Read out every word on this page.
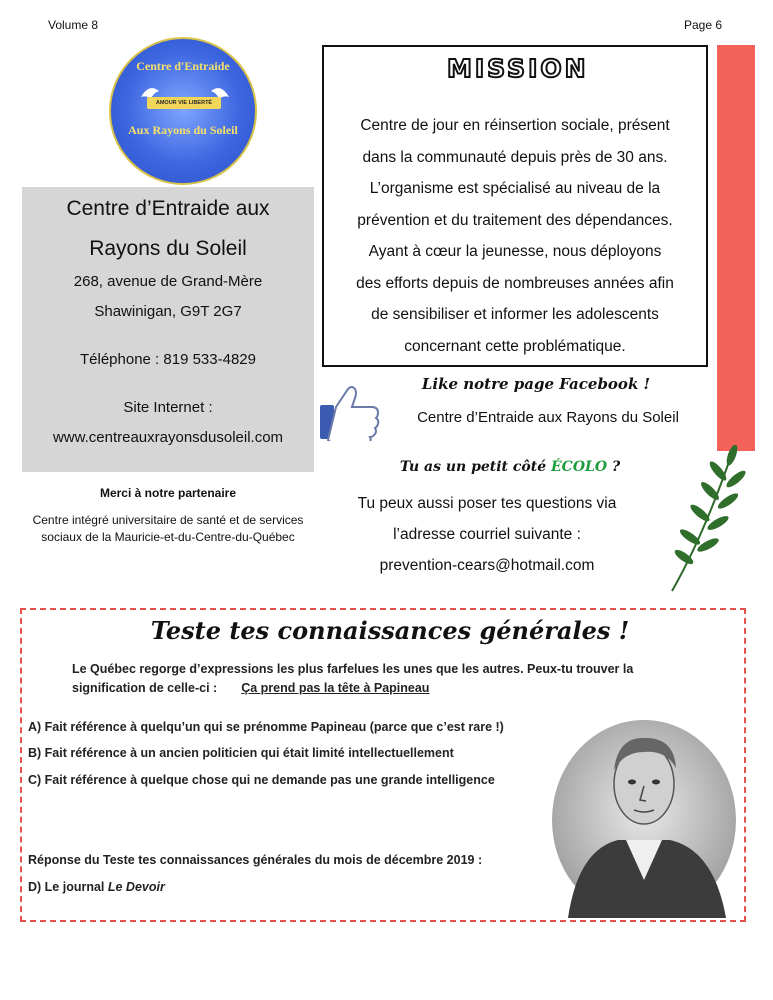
Volume 8	Page 6
Centre d'Entraide
AMOUR VIE LIBERTÉ
Aux Rayons du Soleil
Centre d’Entraide aux
Rayons du Soleil
268, avenue de Grand-Mère
Shawinigan, G9T 2G7
Téléphone : 819 533-4829
Site Internet :
www.centreauxrayonsdusoleil.com
Merci à notre partenaire
Centre intégré universitaire de santé et de services sociaux de la Mauricie-et-du-Centre-du-Québec
MISSION
Centre de jour en réinsertion sociale, présent
dans la communauté depuis près de 30 ans.
L’organisme est spécialisé au niveau de la
prévention et du traitement des dépendances.
Ayant à cœur la jeunesse, nous déployons
des efforts depuis de nombreuses années afin
de sensibiliser et informer les adolescents
concernant cette problématique.
Like notre page Facebook !
Centre d’Entraide aux Rayons du Soleil
Tu as un petit côté ÉCOLO ?
Tu peux aussi poser tes questions via
l’adresse courriel suivante :
prevention-cears@hotmail.com
Teste tes connaissances générales !
Le Québec regorge d’expressions les plus farfelues les unes que les autres. Peux-tu trouver la
signification de celle-ci : Ça prend pas la tête à Papineau
A) Fait référence à quelqu’un qui se prénomme Papineau (parce que c’est rare !)
B) Fait référence à un ancien politicien qui était limité intellectuellement
C) Fait référence à quelque chose qui ne demande pas une grande intelligence
Réponse du Teste tes connaissances générales du mois de décembre 2019 :
D) Le journal Le Devoir
